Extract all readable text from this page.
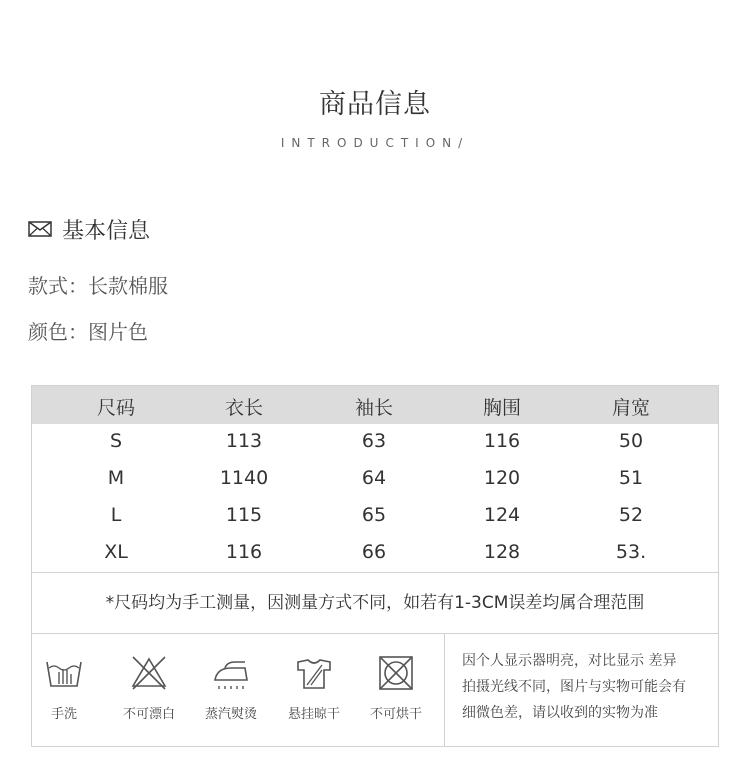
商品信息
INTRODUCTION/
基本信息
款式：长款棉服
颜色：图片色
尺码	衣长	袖长	胸围	肩宽
S	113	63	116	50
M	1140	64	120	51
L	115	65	124	52
XL	116	66	128	53.
*尺码均为手工测量，因测量方式不同，如若有1-3CM误差均属合理范围
手洗	不可漂白	蒸汽熨烫	悬挂晾干	不可烘干
因个人显示器明亮，对比显示 差异
拍摄光线不同，图片与实物可能会有
细微色差，请以收到的实物为准
